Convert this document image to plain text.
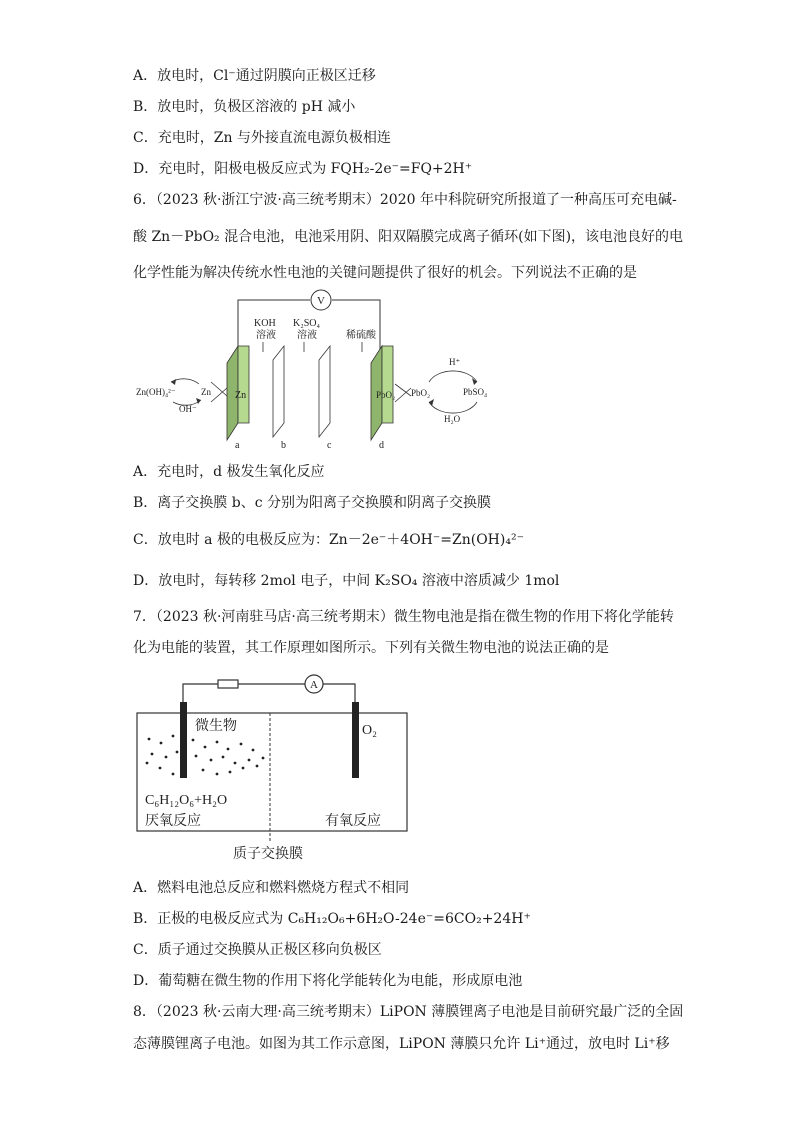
A．放电时，Cl⁻通过阴膜向正极区迁移
B．放电时，负极区溶液的 pH 减小
C．充电时，Zn 与外接直流电源负极相连
D．充电时，阳极电极反应式为 FQH₂-2e⁻=FQ+2H⁺
6．（2023 秋·浙江宁波·高三统考期末）2020 年中科院研究所报道了一种高压可充电碱-
酸 Zn－PbO₂ 混合电池，电池采用阴、阳双隔膜完成离子循环(如下图)，该电池良好的电
化学性能为解决传统水性电池的关键问题提供了很好的机会。下列说法不正确的是
V
KOH
溶液
K₂SO₄
溶液	稀硫酸
Zn	PbO₂
a	b	c	d
Zn(OH)₄²⁻	Zn
OH⁻
PbO₂	PbSO₄
H⁺
H₂O
A．充电时，d 极发生氧化反应
B．离子交换膜 b、c 分别为阳离子交换膜和阴离子交换膜
C．放电时 a 极的电极反应为：Zn－2e⁻＋4OH⁻=Zn(OH)₄²⁻
D．放电时，每转移 2mol 电子，中间 K₂SO₄ 溶液中溶质减少 1mol
7．（2023 秋·河南驻马店·高三统考期末）微生物电池是指在微生物的作用下将化学能转
化为电能的装置，其工作原理如图所示。下列有关微生物电池的说法正确的是
A
微生物	O₂
C₆H₁₂O₆+H₂O
厌氧反应	有氧反应
质子交换膜
A．燃料电池总反应和燃料燃烧方程式不相同
B．正极的电极反应式为 C₆H₁₂O₆+6H₂O-24e⁻=6CO₂+24H⁺
C．质子通过交换膜从正极区移向负极区
D．葡萄糖在微生物的作用下将化学能转化为电能，形成原电池
8．（2023 秋·云南大理·高三统考期末）LiPON 薄膜锂离子电池是目前研究最广泛的全固
态薄膜锂离子电池。如图为其工作示意图，LiPON 薄膜只允许 Li⁺通过，放电时 Li⁺移
